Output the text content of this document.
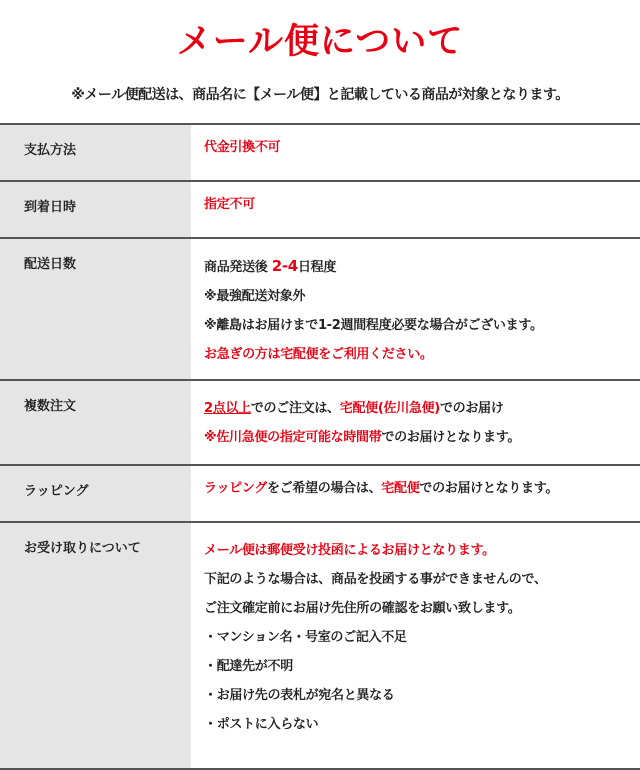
メール便について
※メール便配送は、商品名に【メール便】と記載している商品が対象となります。
支払方法	代金引換不可
到着日時	指定不可
配送日数	商品発送後 2-4日程度
※最強配送対象外
※離島はお届けまで1-2週間程度必要な場合がございます。
お急ぎの方は宅配便をご利用ください。
複数注文	2点以上でのご注文は、宅配便(佐川急便)でのお届け
※佐川急便の指定可能な時間帯でのお届けとなります。
ラッピング	ラッピングをご希望の場合は、宅配便でのお届けとなります。
お受け取りについて	メール便は郵便受け投函によるお届けとなります。
下記のような場合は、商品を投函する事ができませんので、
ご注文確定前にお届け先住所の確認をお願い致します。
・マンション名・号室のご記入不足
・配達先が不明
・お届け先の表札が宛名と異なる
・ポストに入らない
